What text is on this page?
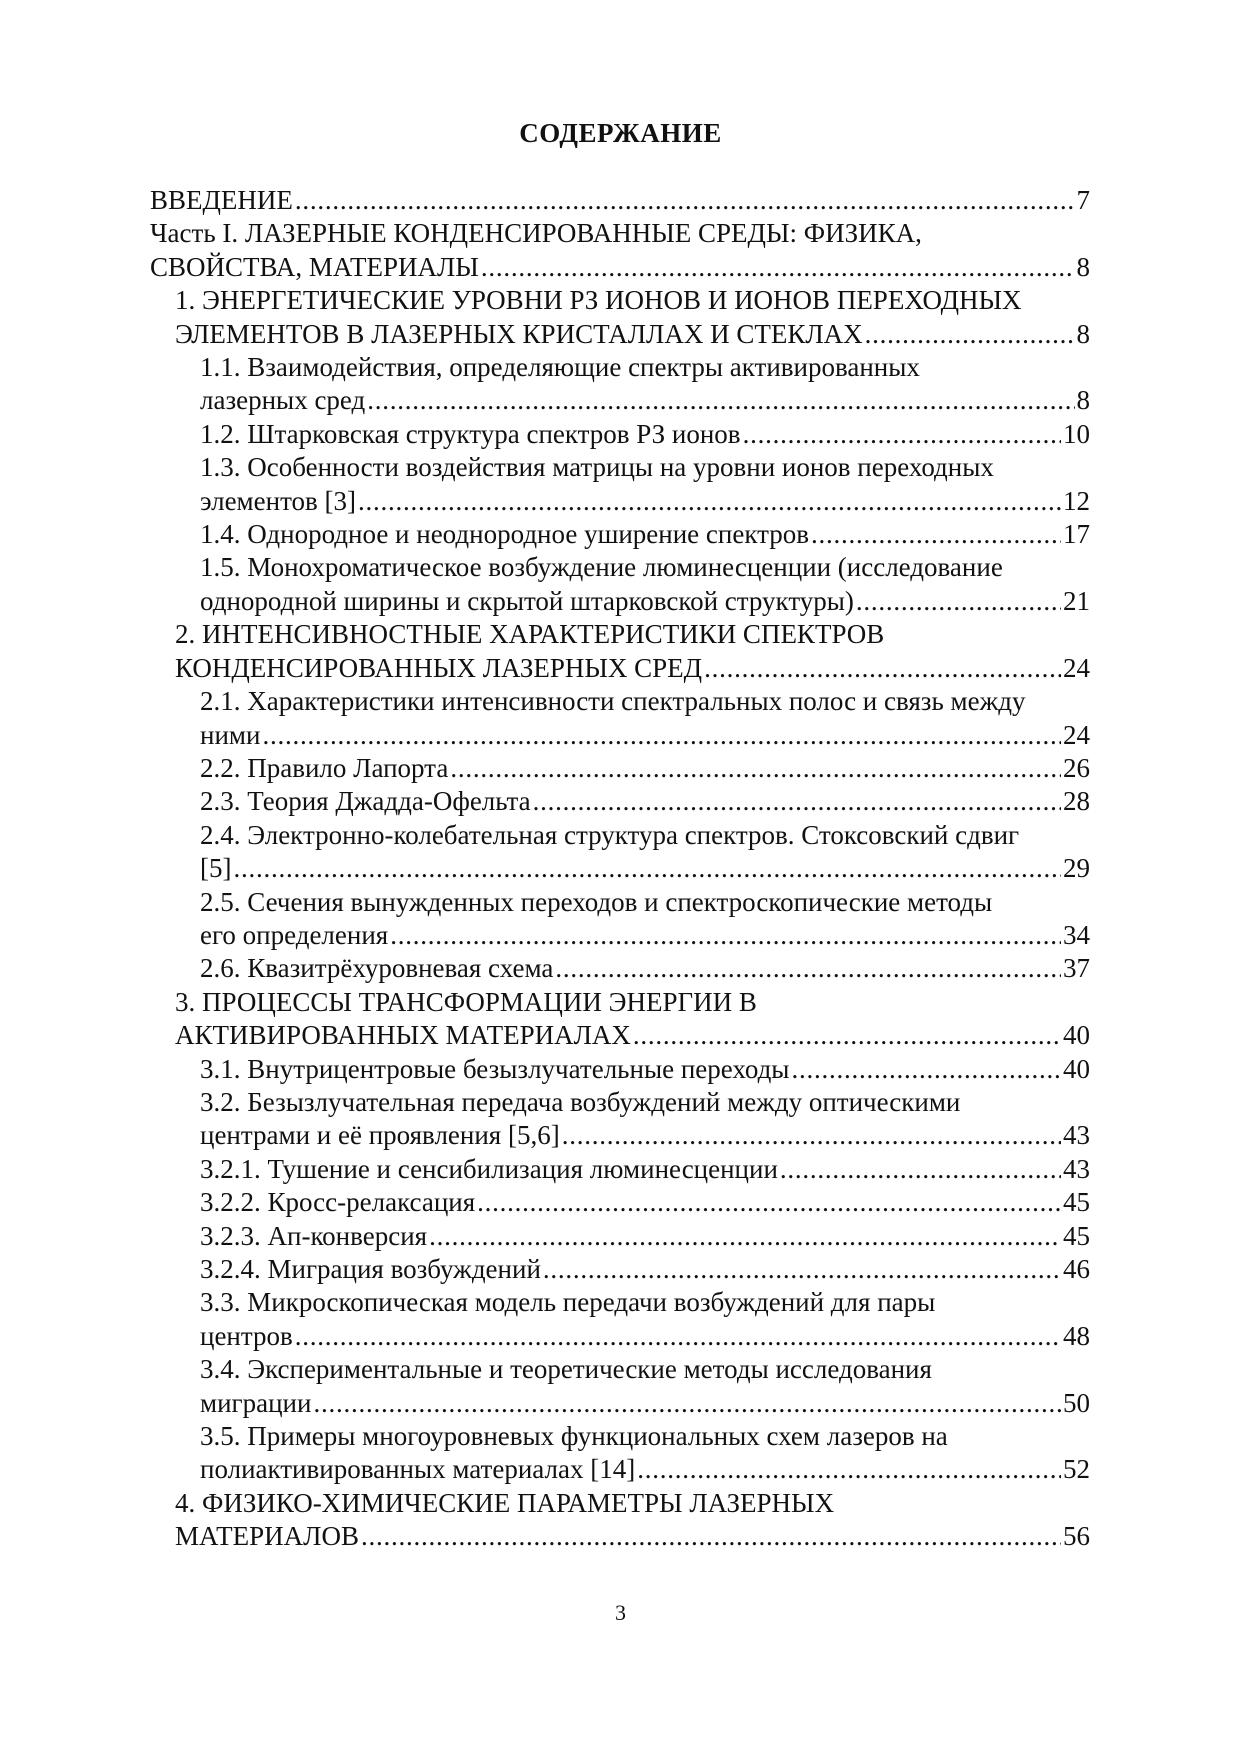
СОДЕРЖАНИЕ
ВВЕДЕНИЕ . . .	7
Часть I. ЛАЗЕРНЫЕ КОНДЕНСИРОВАННЫЕ СРЕДЫ: ФИЗИКА,
СВОЙСТВА, МАТЕРИАЛЫ . . .	8
1. ЭНЕРГЕТИЧЕСКИЕ УРОВНИ РЗ ИОНОВ И ИОНОВ ПЕРЕХОДНЫХ
ЭЛЕМЕНТОВ В ЛАЗЕРНЫХ КРИСТАЛЛАХ И СТЕКЛАХ . . .	8
1.1. Взаимодействия, определяющие спектры активированных
лазерных сред . . .	8
1.2. Штарковская структура спектров РЗ ионов . . .	10
1.3. Особенности воздействия матрицы на уровни ионов переходных
элементов [3] . . .	12
1.4. Однородное и неоднородное уширение спектров . . .	17
1.5. Монохроматическое возбуждение люминесценции (исследование
однородной ширины и скрытой штарковской структуры) . . .	21
2. ИНТЕНСИВНОСТНЫЕ ХАРАКТЕРИСТИКИ СПЕКТРОВ
КОНДЕНСИРОВАННЫХ ЛАЗЕРНЫХ СРЕД . . .	24
2.1. Характеристики интенсивности спектральных полос и связь между
ними . . .	24
2.2. Правило Лапорта . . .	26
2.3. Теория Джадда-Офельта . . .	28
2.4. Электронно-колебательная структура спектров. Стоксовский сдвиг
[5] . . .	29
2.5. Сечения вынужденных переходов и спектроскопические методы
его определения . . .	34
2.6. Квазитрёхуровневая схема . . .	37
3. ПРОЦЕССЫ ТРАНСФОРМАЦИИ ЭНЕРГИИ В
АКТИВИРОВАННЫХ МАТЕРИАЛАХ . . .	40
3.1. Внутрицентровые безызлучательные переходы . . .	40
3.2. Безызлучательная передача возбуждений между оптическими
центрами и её проявления [5,6] . . .	43
3.2.1. Тушение и сенсибилизация люминесценции . . .	43
3.2.2. Кросс-релаксация . . .	45
3.2.3. Ап-конверсия . . .	45
3.2.4. Миграция возбуждений . . .	46
3.3. Микроскопическая модель передачи возбуждений для пары
центров . . .	48
3.4. Экспериментальные и теоретические методы исследования
миграции . . .	50
3.5. Примеры многоуровневых функциональных схем лазеров на
полиактивированных материалах [14] . . .	52
4. ФИЗИКО-ХИМИЧЕСКИЕ ПАРАМЕТРЫ ЛАЗЕРНЫХ
МАТЕРИАЛОВ . . .	56
3
